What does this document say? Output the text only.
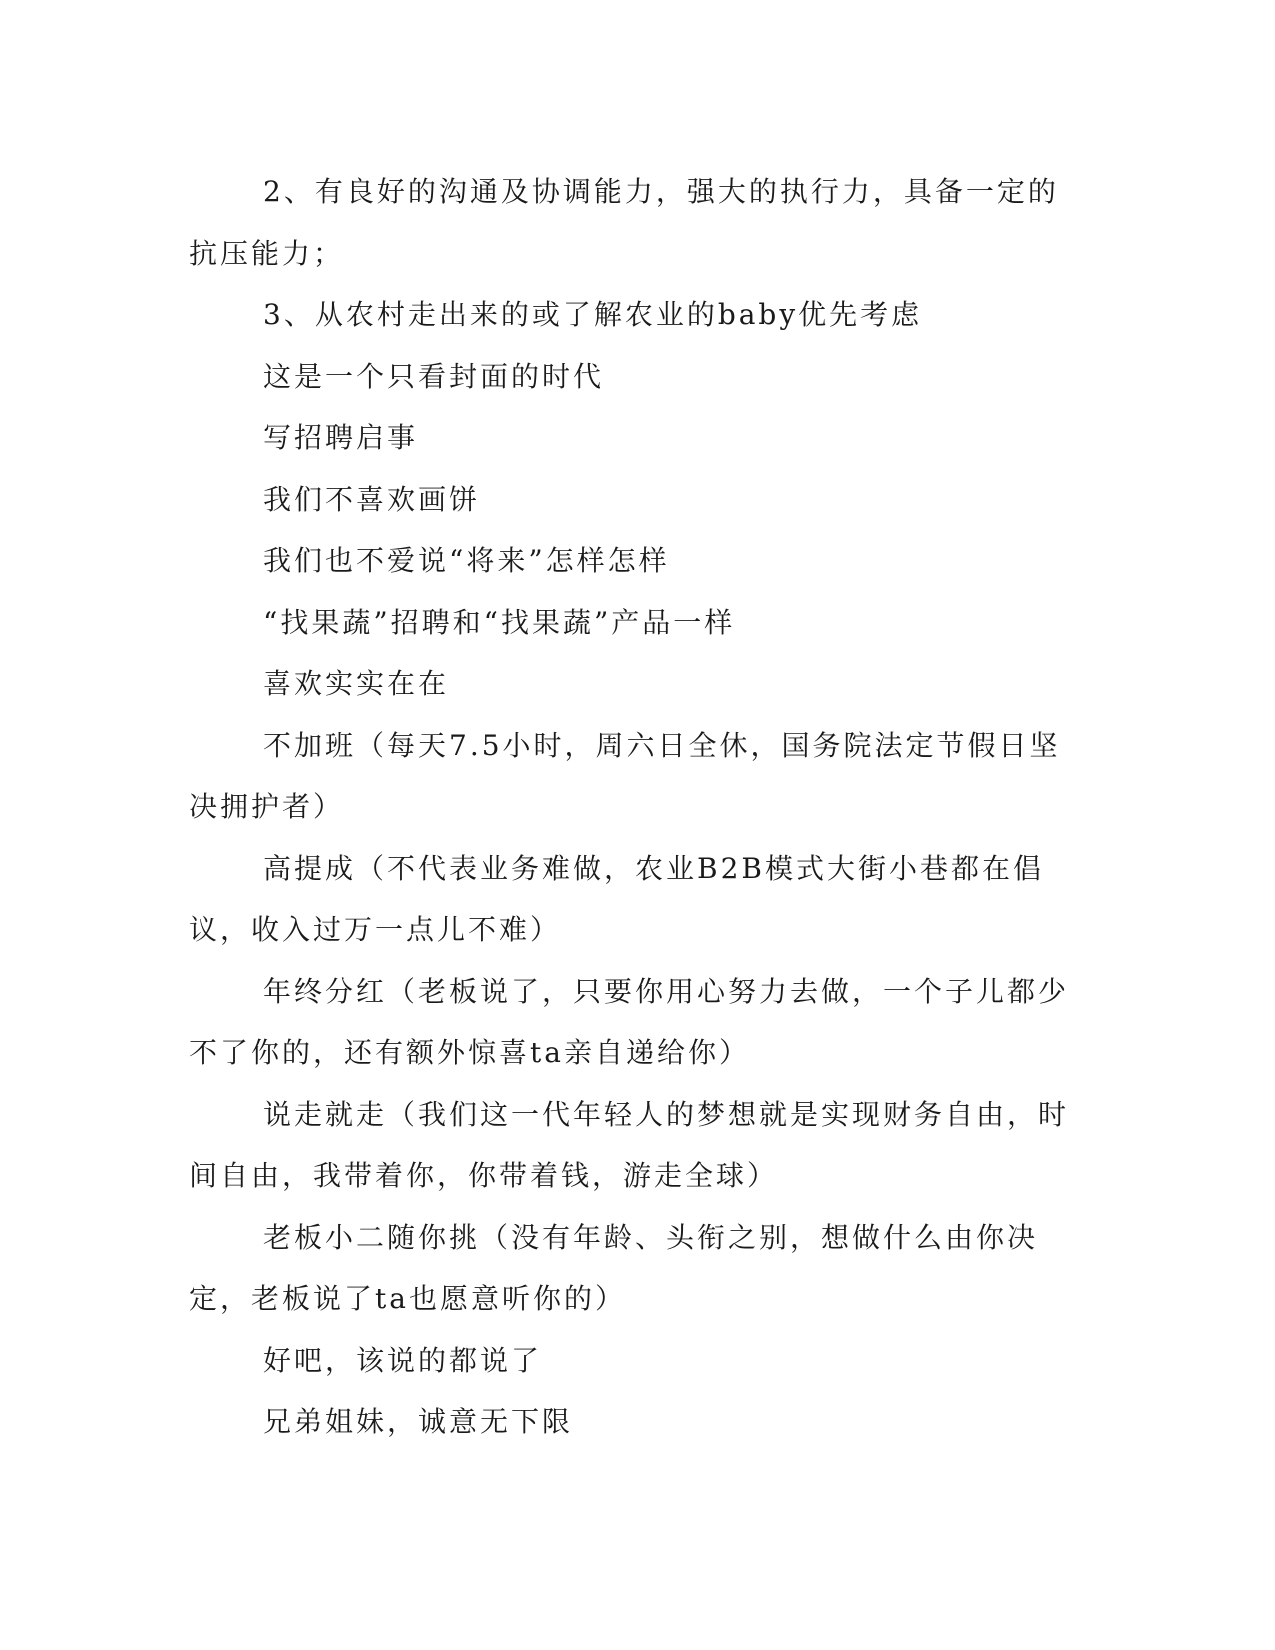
2、有良好的沟通及协调能力，强大的执行力，具备一定的抗压能力；

3、从农村走出来的或了解农业的baby优先考虑

这是一个只看封面的时代

写招聘启事

我们不喜欢画饼

我们也不爱说“将来”怎样怎样

“找果蔬”招聘和“找果蔬”产品一样

喜欢实实在在

不加班（每天7.5小时，周六日全休，国务院法定节假日坚决拥护者）

高提成（不代表业务难做，农业B2B模式大街小巷都在倡议，收入过万一点儿不难）

年终分红（老板说了，只要你用心努力去做，一个子儿都少不了你的，还有额外惊喜ta亲自递给你）

说走就走（我们这一代年轻人的梦想就是实现财务自由，时间自由，我带着你，你带着钱，游走全球）

老板小二随你挑（没有年龄、头衔之别，想做什么由你决定，老板说了ta也愿意听你的）

好吧，该说的都说了

兄弟姐妹，诚意无下限
